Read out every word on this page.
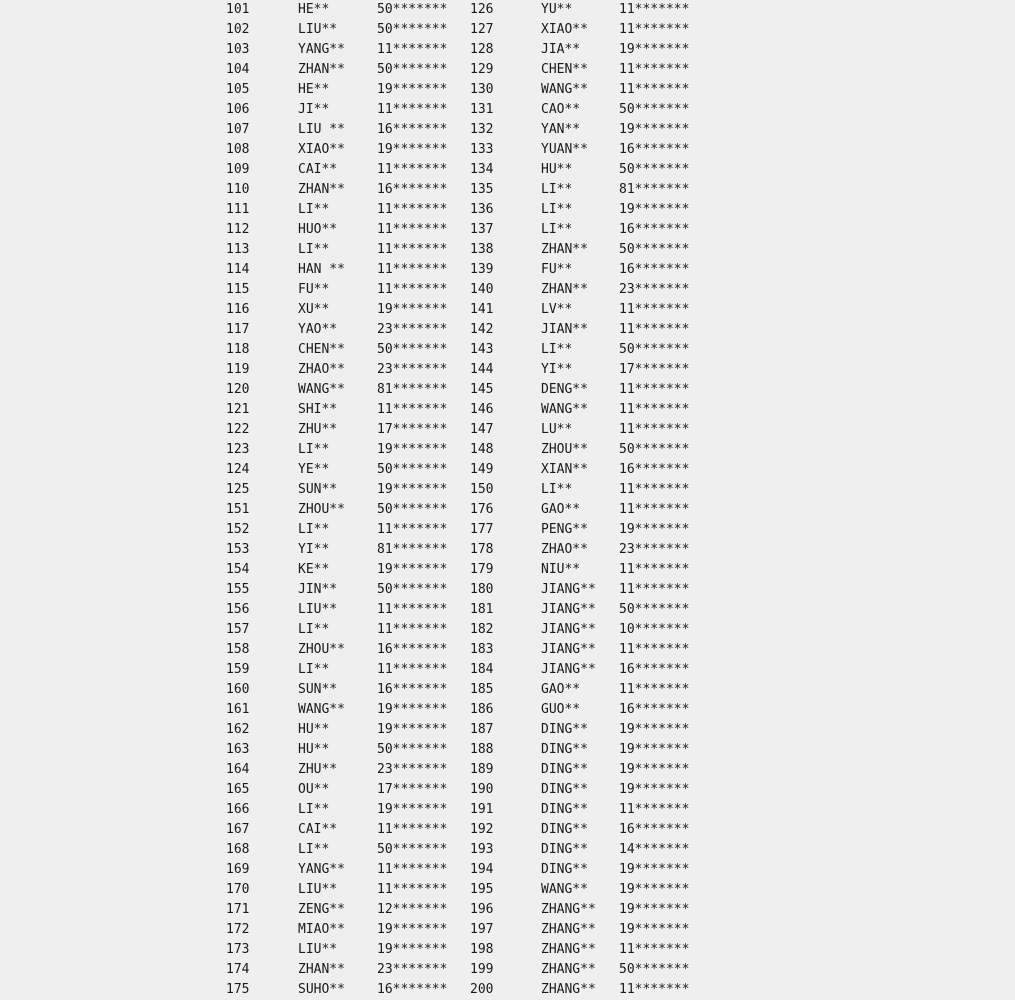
101	HE**	50******* 126	YU**	11*******
102	LIU**	50******* 127	XIAO** 11*******
103	YANG** 11******* 128	JIA**	19*******
104	ZHAN** 50******* 129	CHEN** 11*******
105	HE**	19******* 130	WANG** 11*******
106	JI**	11******* 131	CAO**	50*******
107	LIU ** 16******* 132	YAN**	19*******
108	XIAO** 19******* 133	YUAN** 16*******
109	CAI**	11******* 134	HU**	50*******
110	ZHAN** 16******* 135	LI**	81*******
111	LI**	11******* 136	LI**	19*******
112	HUO**	11******* 137	LI**	16*******
113	LI**	11******* 138	ZHAN** 50*******
114	HAN ** 11******* 139	FU**	16*******
115	FU**	11******* 140	ZHAN** 23*******
116	XU**	19******* 141	LV**	11*******
117	YAO**	23******* 142	JIAN** 11*******
118	CHEN** 50******* 143	LI**	50*******
119	ZHAO** 23******* 144	YI**	17*******
120	WANG** 81******* 145	DENG** 11*******
121	SHI**	11******* 146	WANG** 11*******
122	ZHU**	17******* 147	LU**	11*******
123	LI**	19******* 148	ZHOU** 50*******
124	YE**	50******* 149	XIAN** 16*******
125	SUN**	19******* 150	LI**	11*******
151	ZHOU** 50******* 176	GAO**	11*******
152	LI**	11******* 177	PENG** 19*******
153	YI**	81******* 178	ZHAO** 23*******
154	KE**	19******* 179	NIU**	11*******
155	JIN**	50******* 180	JIANG** 11*******
156	LIU**	11******* 181	JIANG** 50*******
157	LI**	11******* 182	JIANG** 10*******
158	ZHOU** 16******* 183	JIANG** 11*******
159	LI**	11******* 184	JIANG** 16*******
160	SUN**	16******* 185	GAO**	11*******
161	WANG** 19******* 186	GUO**	16*******
162	HU**	19******* 187	DING** 19*******
163	HU**	50******* 188	DING** 19*******
164	ZHU**	23******* 189	DING** 19*******
165	OU**	17******* 190	DING** 19*******
166	LI**	19******* 191	DING** 11*******
167	CAI**	11******* 192	DING** 16*******
168	LI**	50******* 193	DING** 14*******
169	YANG** 11******* 194	DING** 19*******
170	LIU**	11******* 195	WANG** 19*******
171	ZENG** 12******* 196	ZHANG** 19*******
172	MIAO** 19******* 197	ZHANG** 19*******
173	LIU**	19******* 198	ZHANG** 11*******
174	ZHAN** 23******* 199	ZHANG** 50*******
175	SUHO** 16******* 200	ZHANG** 11*******
